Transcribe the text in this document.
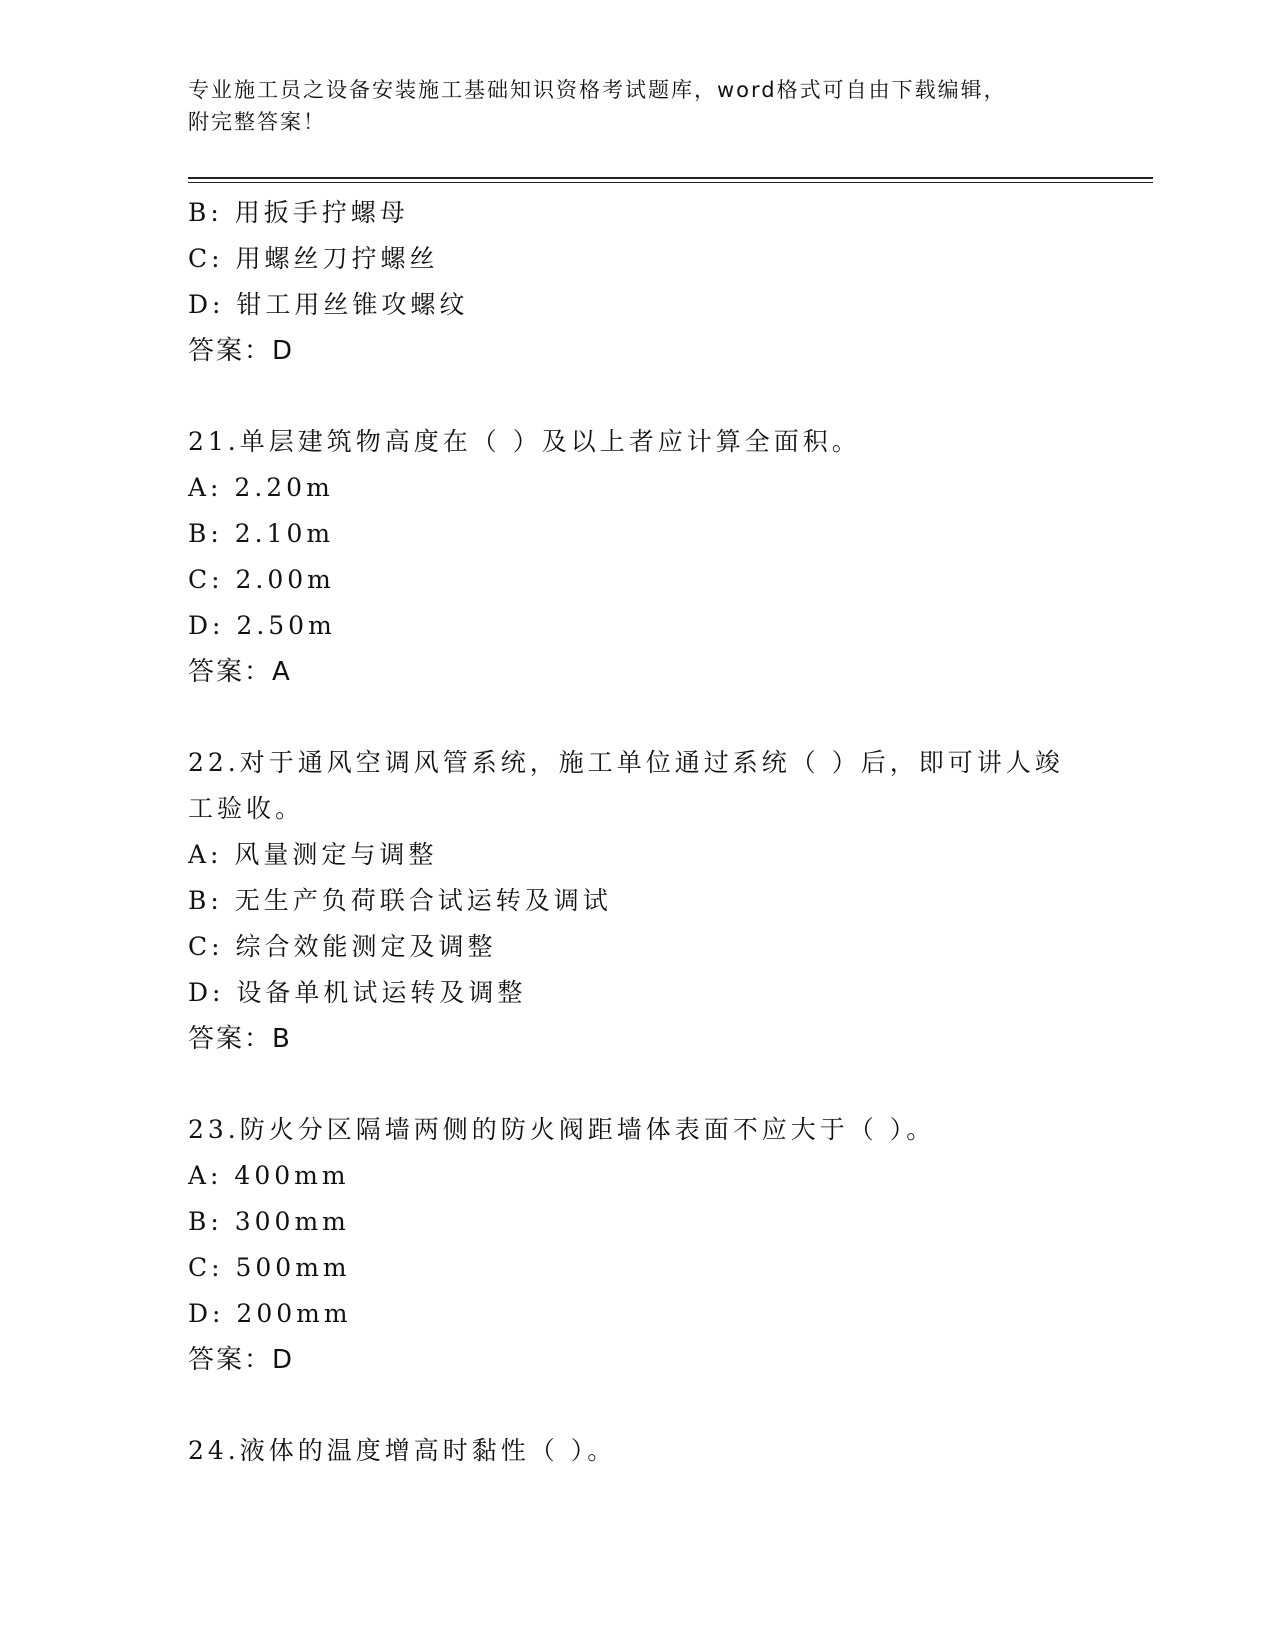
专业施工员之设备安装施工基础知识资格考试题库，word格式可自由下载编辑，
附完整答案！
B: 用扳手拧螺母
C: 用螺丝刀拧螺丝
D: 钳工用丝锥攻螺纹
答案：D
21.单层建筑物高度在（ ）及以上者应计算全面积。
A: 2.20m
B: 2.10m
C: 2.00m
D: 2.50m
答案：A
22.对于通风空调风管系统，施工单位通过系统（ ）后，即可讲人竣
工验收。
A: 风量测定与调整
B: 无生产负荷联合试运转及调试
C: 综合效能测定及调整
D: 设备单机试运转及调整
答案：B
23.防火分区隔墙两侧的防火阀距墙体表面不应大于（ ）。
A: 400mm
B: 300mm
C: 500mm
D: 200mm
答案：D
24.液体的温度增高时黏性（ ）。
